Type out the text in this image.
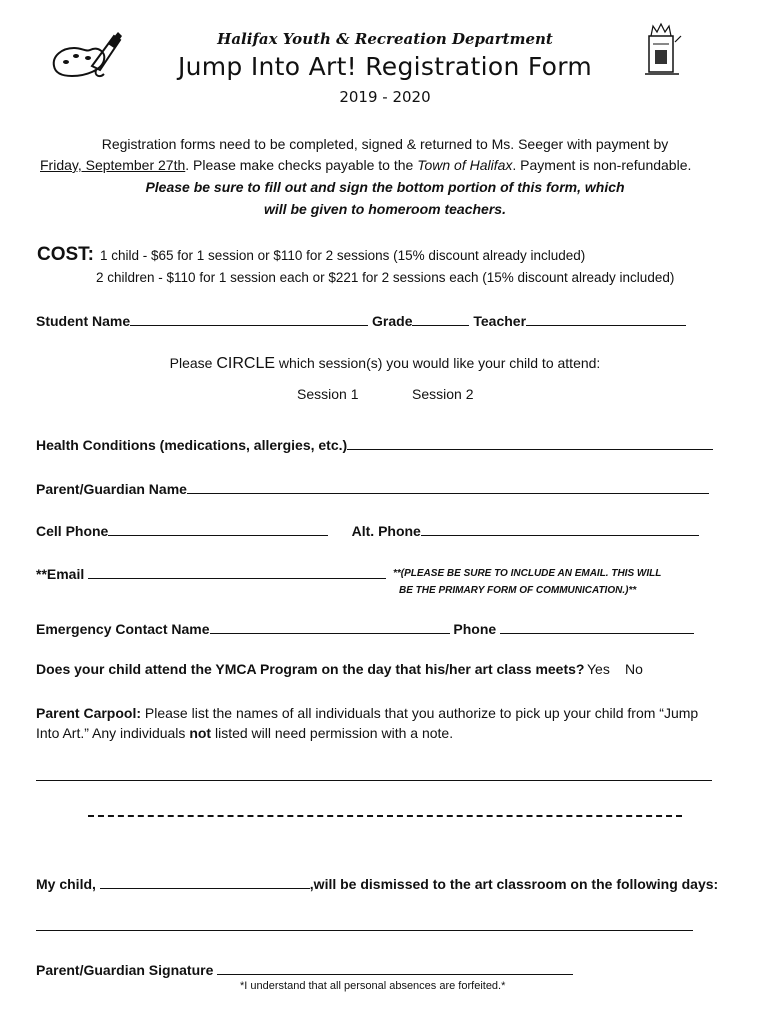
Halifax Youth & Recreation Department
Jump Into Art! Registration Form
2019 - 2020
Registration forms need to be completed, signed & returned to Ms. Seeger with payment by
Friday, September 27th. Please make checks payable to the Town of Halifax. Payment is non-refundable.
Please be sure to fill out and sign the bottom portion of this form, which
will be given to homeroom teachers.
COST: 1 child - $65 for 1 session or $110 for 2 sessions (15% discount already included)
2 children - $110 for 1 session each or $221 for 2 sessions each (15% discount already included)
Student Name	Grade	Teacher
Please CIRCLE which session(s) you would like your child to attend:
Session 1	Session 2
Health Conditions (medications, allergies, etc.)
Parent/Guardian Name
Cell Phone	Alt. Phone
**Email	**(PLEASE BE SURE TO INCLUDE AN EMAIL. THIS WILL
BE THE PRIMARY FORM OF COMMUNICATION.)**
Emergency Contact Name	Phone
Does your child attend the YMCA Program on the day that his/her art class meets? Yes No
Parent Carpool: Please list the names of all individuals that you authorize to pick up your child from “Jump
Into Art.” Any individuals not listed will need permission with a note.
My child,	,will be dismissed to the art classroom on the following days:
Parent/Guardian Signature
*I understand that all personal absences are forfeited.*
